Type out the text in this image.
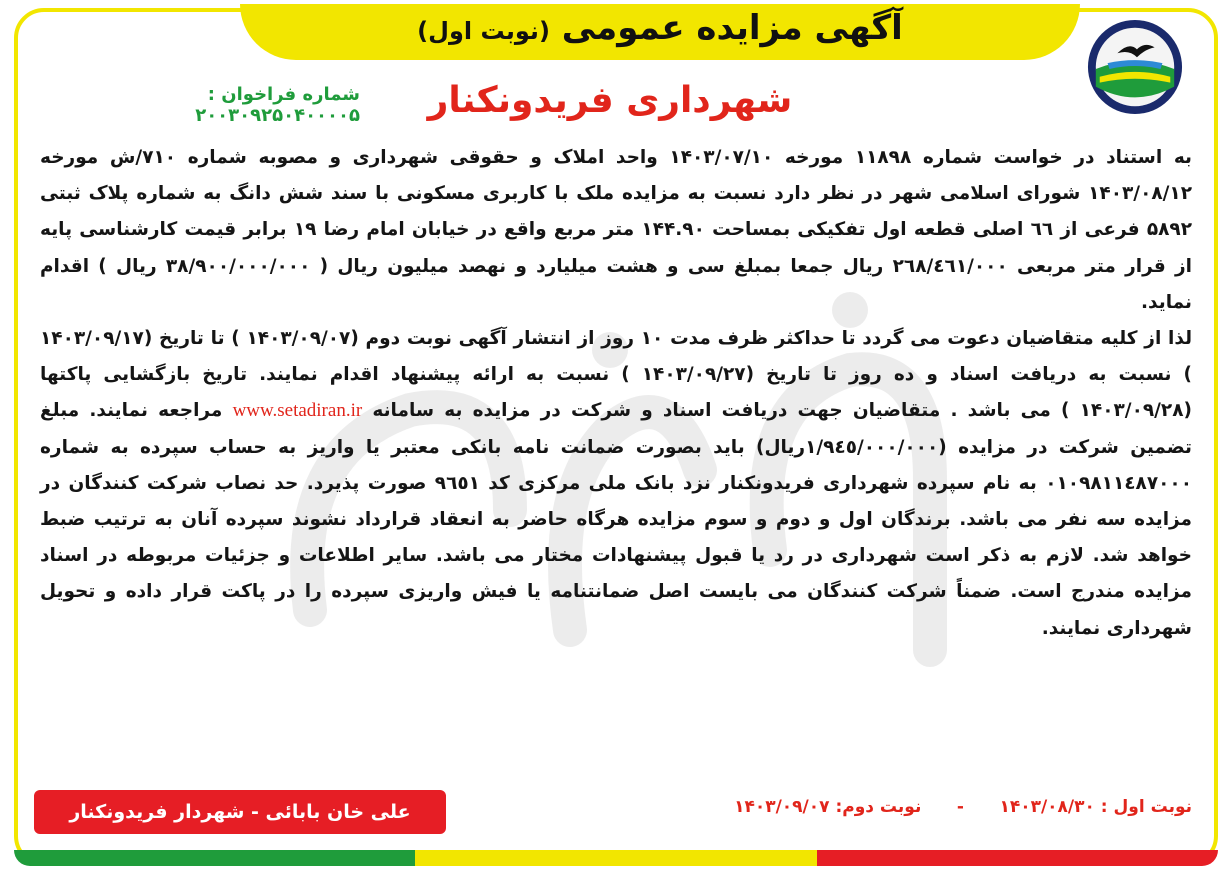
آگهی مزایده عمومی (نوبت اول)
شهرداری فریدونکنار
شماره فراخوان : ۲۰۰۳۰۹۲۵۰۴۰۰۰۰۵

به استناد در خواست شماره ۱۱۸۹۸ مورخه ۱۴۰۳/۰۷/۱۰ واحد املاک و حقوقی شهرداری و مصوبه شماره ۷۱۰/ش مورخه ۱۴۰۳/۰۸/۱۲ شورای اسلامی شهر در نظر دارد نسبت به مزایده ملک با کاربری مسکونی با سند شش دانگ به شماره پلاک ثبتی ۵۸۹۲ فرعی از ٦٦ اصلی قطعه اول تفکیکی بمساحت ۱۴۴.۹۰ متر مربع واقع در خیابان امام رضا ۱۹ برابر قیمت کارشناسی پایه از قرار متر مربعی ۲٦۸/٤٦۱/۰۰۰ ریال جمعا بمبلغ سی و هشت میلیارد و نهصد میلیون ریال ( ۳۸/۹۰۰/۰۰۰/۰۰۰ ریال ) اقدام نماید.

لذا از کلیه متقاضیان دعوت می گردد تا حداکثر ظرف مدت ۱۰ روز از انتشار آگهی نوبت دوم (۱۴۰۳/۰۹/۰۷ ) تا تاریخ (۱۴۰۳/۰۹/۱۷ ) نسبت به دریافت اسناد و ده روز تا تاریخ (۱۴۰۳/۰۹/۲۷ ) نسبت به ارائه پیشنهاد اقدام نمایند. تاریخ بازگشایی پاکتها (۱۴۰۳/۰۹/۲۸ ) می باشد . متقاضیان جهت دریافت اسناد و شرکت در مزایده به سامانه www.setadiran.ir مراجعه نمایند. مبلغ تضمین شرکت در مزایده (۱/۹٤٥/۰۰۰/۰۰۰ریال) باید بصورت ضمانت نامه بانکی معتبر یا واریز به حساب سپرده به شماره ۰۱۰۹۸۱۱٤۸۷۰۰۰ به نام سپرده شهرداری فریدونکنار نزد بانک ملی مرکزی کد ۹٦٥۱ صورت پذیرد. حد نصاب شرکت کنندگان در مزایده سه نفر می باشد. برندگان اول و دوم و سوم مزایده هرگاه حاضر به انعقاد قرارداد نشوند سپرده آنان به ترتیب ضبط خواهد شد. لازم به ذکر است شهرداری در رد یا قبول پیشنهادات مختار می باشد. سایر اطلاعات و جزئیات مربوطه در اسناد مزایده مندرج است. ضمناً شرکت کنندگان می بایست اصل ضمانتنامه یا فیش واریزی سپرده را در پاکت قرار داده و تحویل شهرداری نمایند.

نوبت اول : ۱۴۰۳/۰۸/۳۰      -      نوبت دوم: ۱۴۰۳/۰۹/۰۷
علی خان بابائی - شهردار فریدونکنار
